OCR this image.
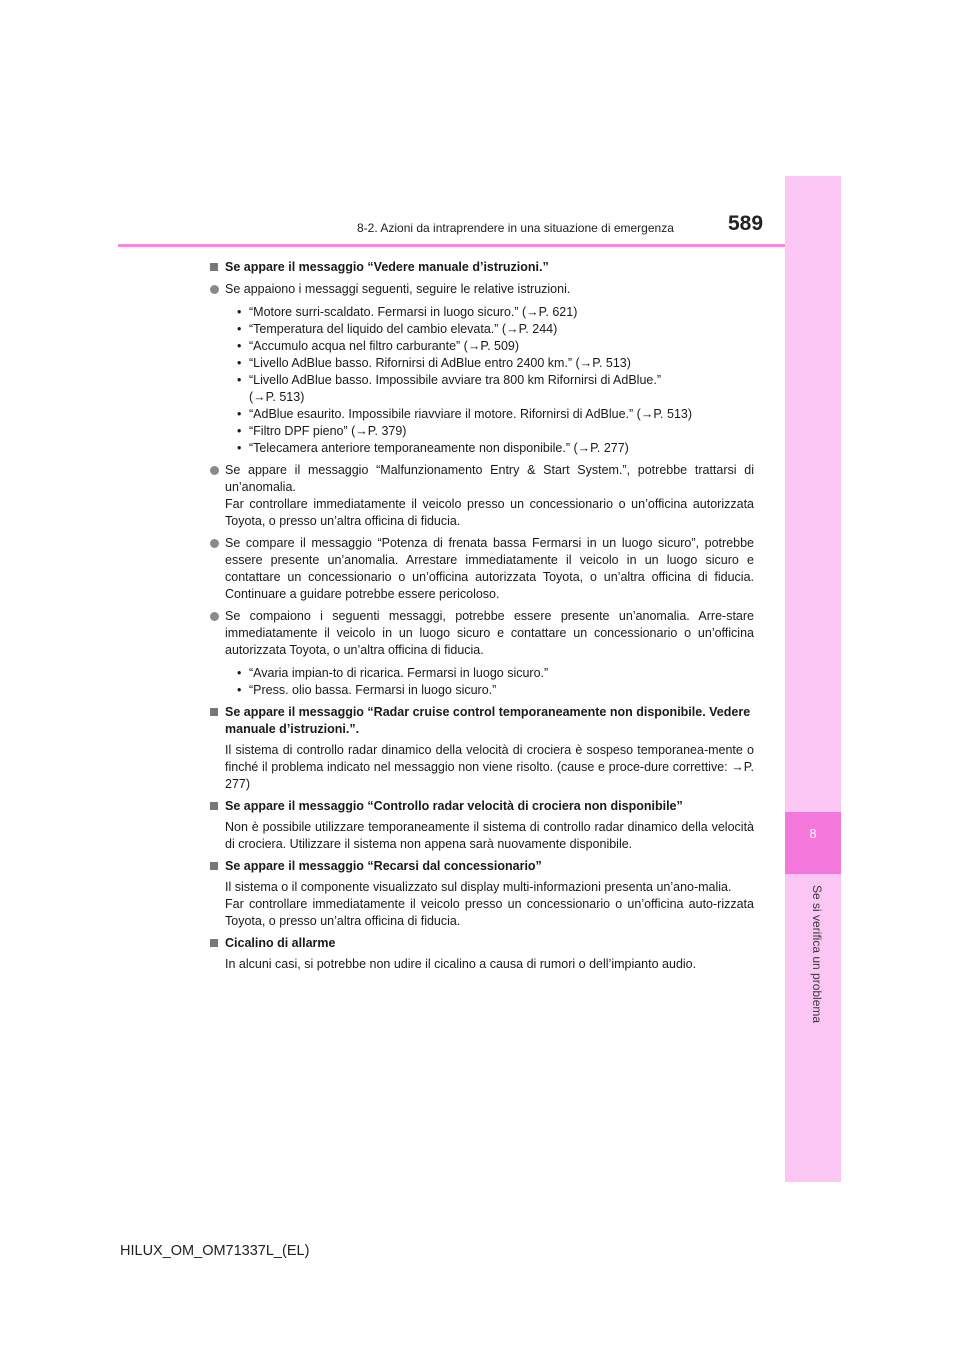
8
Se si verifica un problema
8-2. Azioni da intraprendere in una situazione di emergenza	589
Se appare il messaggio “Vedere manuale d’istruzioni.”
Se appaiono i messaggi seguenti, seguire le relative istruzioni.
• “Motore surri-scaldato. Fermarsi in luogo sicuro.” (→P. 621)
• “Temperatura del liquido del cambio elevata.” (→P. 244)
• “Accumulo acqua nel filtro carburante” (→P. 509)
• “Livello AdBlue basso. Rifornirsi di AdBlue entro 2400 km.” (→P. 513)
• “Livello AdBlue basso. Impossibile avviare tra 800 km Rifornirsi di AdBlue.”
(→P. 513)
• “AdBlue esaurito. Impossibile riavviare il motore. Rifornirsi di AdBlue.” (→P. 513)
• “Filtro DPF pieno” (→P. 379)
• “Telecamera anteriore temporaneamente non disponibile.” (→P. 277)
Se appare il messaggio “Malfunzionamento Entry & Start System.”, potrebbe trattarsi di un’anomalia.
Far controllare immediatamente il veicolo presso un concessionario o un’officina autorizzata Toyota, o presso un’altra officina di fiducia.
Se compare il messaggio “Potenza di frenata bassa Fermarsi in un luogo sicuro”, potrebbe essere presente un’anomalia. Arrestare immediatamente il veicolo in un luogo sicuro e contattare un concessionario o un’officina autorizzata Toyota, o un’altra officina di fiducia. Continuare a guidare potrebbe essere pericoloso.
Se compaiono i seguenti messaggi, potrebbe essere presente un’anomalia. Arre-stare immediatamente il veicolo in un luogo sicuro e contattare un concessionario o un’officina autorizzata Toyota, o un’altra officina di fiducia.
• “Avaria impian-to di ricarica. Fermarsi in luogo sicuro.”
• “Press. olio bassa. Fermarsi in luogo sicuro.”
Se appare il messaggio “Radar cruise control temporaneamente non disponibile. Vedere manuale d’istruzioni.”.
Il sistema di controllo radar dinamico della velocità di crociera è sospeso temporanea-mente o finché il problema indicato nel messaggio non viene risolto. (cause e proce-dure correttive: →P. 277)
Se appare il messaggio “Controllo radar velocità di crociera non disponibile”
Non è possibile utilizzare temporaneamente il sistema di controllo radar dinamico della velocità di crociera. Utilizzare il sistema non appena sarà nuovamente disponibile.
Se appare il messaggio “Recarsi dal concessionario”
Il sistema o il componente visualizzato sul display multi-informazioni presenta un’ano-malia.
Far controllare immediatamente il veicolo presso un concessionario o un’officina auto-rizzata Toyota, o presso un’altra officina di fiducia.
Cicalino di allarme
In alcuni casi, si potrebbe non udire il cicalino a causa di rumori o dell’impianto audio.
HILUX_OM_OM71337L_(EL)
